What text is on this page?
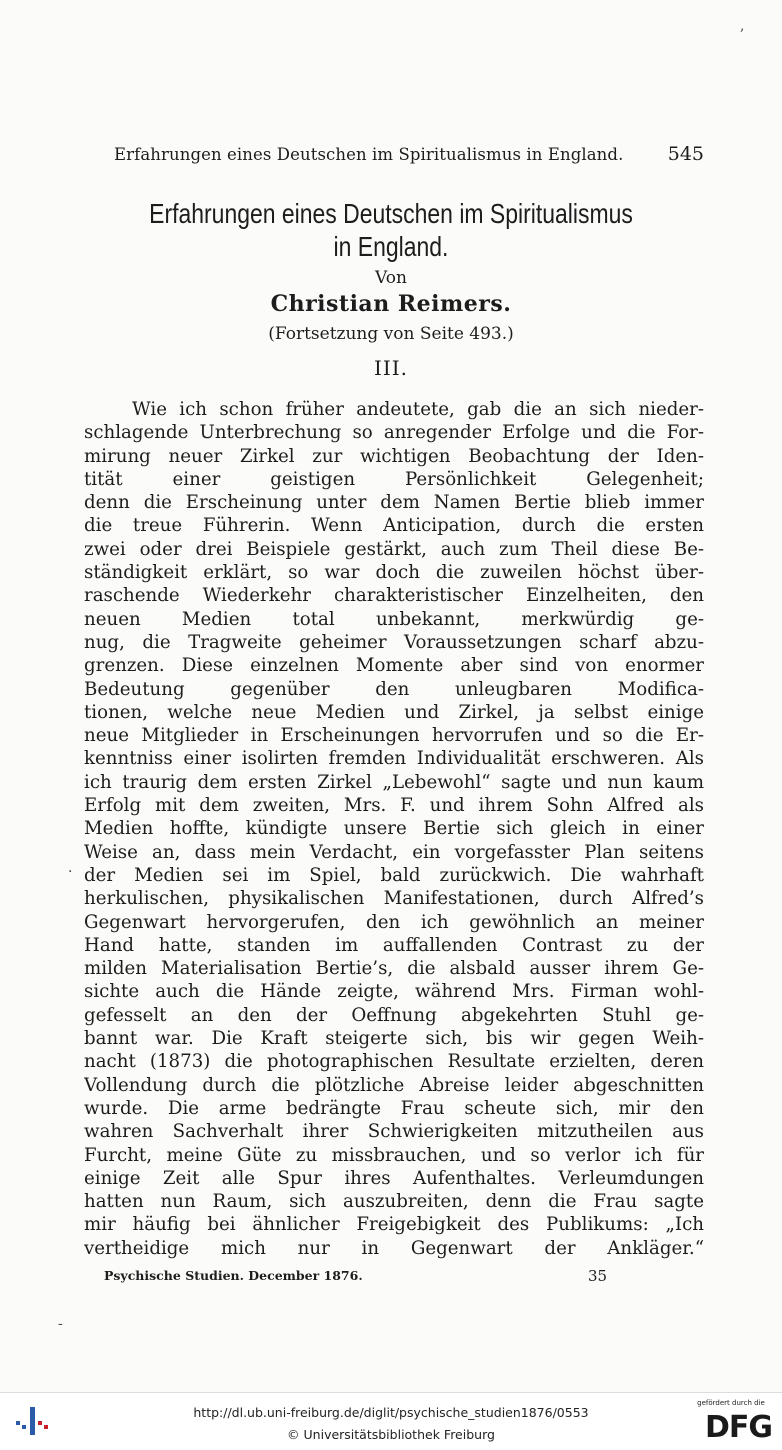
,
Erfahrungen eines Deutschen im Spiritualismus in England. 545
Erfahrungen eines Deutschen im Spiritualismus
in England.
Von
Christian Reimers.
(Fortsetzung von Seite 493.)
III.
Wie ich schon früher andeutete, gab die an sich nieder-
schlagende Unterbrechung so anregender Erfolge und die For-
mirung neuer Zirkel zur wichtigen Beobachtung der Iden-
tität einer geistigen Persönlichkeit Gelegenheit;
denn die Erscheinung unter dem Namen Bertie blieb immer
die treue Führerin. Wenn Anticipation, durch die ersten
zwei oder drei Beispiele gestärkt, auch zum Theil diese Be-
ständigkeit erklärt, so war doch die zuweilen höchst über-
raschende Wiederkehr charakteristischer Einzelheiten, den
neuen Medien total unbekannt, merkwürdig ge-
nug, die Tragweite geheimer Voraussetzungen scharf abzu-
grenzen. Diese einzelnen Momente aber sind von enormer
Bedeutung gegenüber den unleugbaren Modifica-
tionen, welche neue Medien und Zirkel, ja selbst einige
neue Mitglieder in Erscheinungen hervorrufen und so die Er-
kenntniss einer isolirten fremden Individualität erschweren. Als
ich traurig dem ersten Zirkel „Lebewohl“ sagte und nun kaum
Erfolg mit dem zweiten, Mrs. F. und ihrem Sohn Alfred als
Medien hoffte, kündigte unsere Bertie sich gleich in einer
Weise an, dass mein Verdacht, ein vorgefasster Plan seitens
der Medien sei im Spiel, bald zurückwich. Die wahrhaft
herkulischen, physikalischen Manifestationen, durch Alfred’s
Gegenwart hervorgerufen, den ich gewöhnlich an meiner
Hand hatte, standen im auffallenden Contrast zu der
milden Materialisation Bertie’s, die alsbald ausser ihrem Ge-
sichte auch die Hände zeigte, während Mrs. Firman wohl-
gefesselt an den der Oeffnung abgekehrten Stuhl ge-
bannt war. Die Kraft steigerte sich, bis wir gegen Weih-
nacht (1873) die photographischen Resultate erzielten, deren
Vollendung durch die plötzliche Abreise leider abgeschnitten
wurde. Die arme bedrängte Frau scheute sich, mir den
wahren Sachverhalt ihrer Schwierigkeiten mitzutheilen aus
Furcht, meine Güte zu missbrauchen, und so verlor ich für
einige Zeit alle Spur ihres Aufenthaltes. Verleumdungen
hatten nun Raum, sich auszubreiten, denn die Frau sagte
mir häufig bei ähnlicher Freigebigkeit des Publikums: „Ich
vertheidige mich nur in Gegenwart der Ankläger.“
.
Psychische Studien. December 1876.	35
-
http://dl.ub.uni-freiburg.de/diglit/psychische_studien1876/0553
© Universitätsbibliothek Freiburg
gefördert durch die
DFG
